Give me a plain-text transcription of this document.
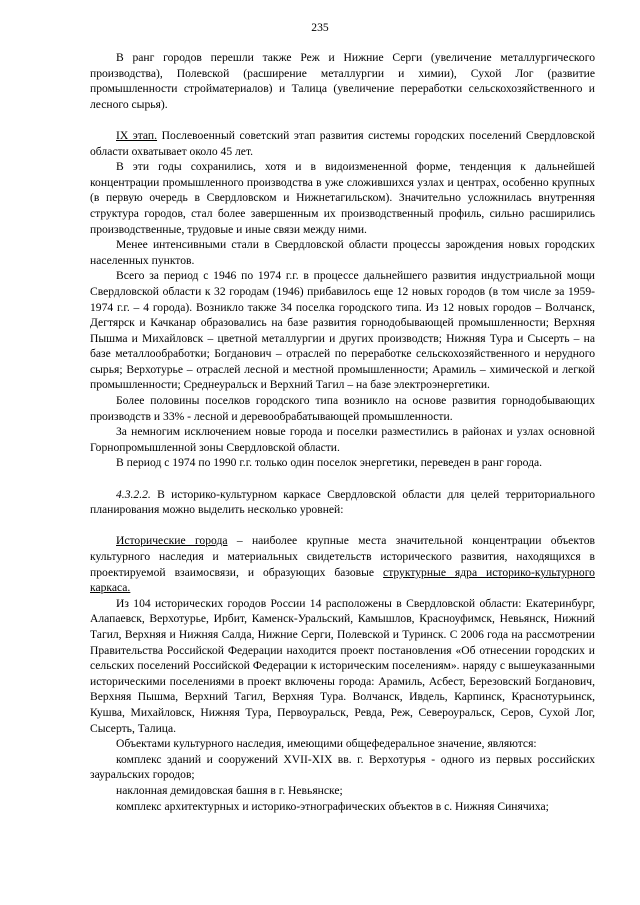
235

В ранг городов перешли также Реж и Нижние Серги (увеличение металлургического производства), Полевской (расширение металлургии и химии), Сухой Лог (развитие промышленности стройматериалов) и Талица (увеличение переработки сельскохозяйственного и лесного сырья).

IX этап. Послевоенный советский этап развития системы городских поселений Свердловской области охватывает около 45 лет.

В эти годы сохранились, хотя и в видоизмененной форме, тенденция к дальнейшей концентрации промышленного производства в уже сложившихся узлах и центрах, особенно крупных (в первую очередь в Свердловском и Нижнетагильском). Значительно усложнилась внутренняя структура городов, стал более завершенным их производственный профиль, сильно расширились производственные, трудовые и иные связи между ними.

Менее интенсивными стали в Свердловской области процессы зарождения новых городских населенных пунктов.

Всего за период с 1946 по 1974 г.г. в процессе дальнейшего развития индустриальной мощи Свердловской области к 32 городам (1946) прибавилось еще 12 новых городов (в том числе за 1959-1974 г.г. – 4 города). Возникло также 34 поселка городского типа. Из 12 новых городов – Волчанск, Дегтярск и Качканар образовались на базе развития горнодобывающей промышленности; Верхняя Пышма и Михайловск – цветной металлургии и других производств; Нижняя Тура и Сысерть – на базе металлообработки; Богданович – отраслей по переработке сельскохозяйственного и нерудного сырья; Верхотурье – отраслей лесной и местной промышленности; Арамиль – химической и легкой промышленности; Среднеуральск и Верхний Тагил – на базе электроэнергетики.

Более половины поселков городского типа возникло на основе развития горнодобывающих производств и 33% - лесной и деревообрабатывающей промышленности.

За немногим исключением новые города и поселки разместились в районах и узлах основной Горнопромышленной зоны Свердловской области.

В период с 1974 по 1990 г.г. только один поселок энергетики, переведен в ранг города.

4.3.2.2. В историко-культурном каркасе Свердловской области для целей территориального планирования можно выделить несколько уровней:

Исторические города – наиболее крупные места значительной концентрации объектов культурного наследия и материальных свидетельств исторического развития, находящихся в проектируемой взаимосвязи, и образующих базовые структурные ядра историко-культурного каркаса.

Из 104 исторических городов России 14 расположены в Свердловской области: Екатеринбург, Алапаевск, Верхотурье, Ирбит, Каменск-Уральский, Камышлов, Красноуфимск, Невьянск, Нижний Тагил, Верхняя и Нижняя Салда, Нижние Серги, Полевской и Туринск. С 2006 года на рассмотрении Правительства Российской Федерации находится проект постановления «Об отнесении городских и сельских поселений Российской Федерации к историческим поселениям». наряду с вышеуказанными историческими поселениями в проект включены города: Арамиль, Асбест, Березовский Богданович, Верхняя Пышма, Верхний Тагил, Верхняя Тура. Волчанск, Ивдель, Карпинск, Краснотурьинск, Кушва, Михайловск, Нижняя Тура, Первоуральск, Ревда, Реж, Североуральск, Серов, Сухой Лог, Сысерть, Талица.

Объектами культурного наследия, имеющими общефедеральное значение, являются:

комплекс зданий и сооружений XVII-XIX вв. г. Верхотурья - одного из первых российских зауральских городов;

наклонная демидовская башня в г. Невьянске;

комплекс архитектурных и историко-этнографических объектов в с. Нижняя Синячиха;
